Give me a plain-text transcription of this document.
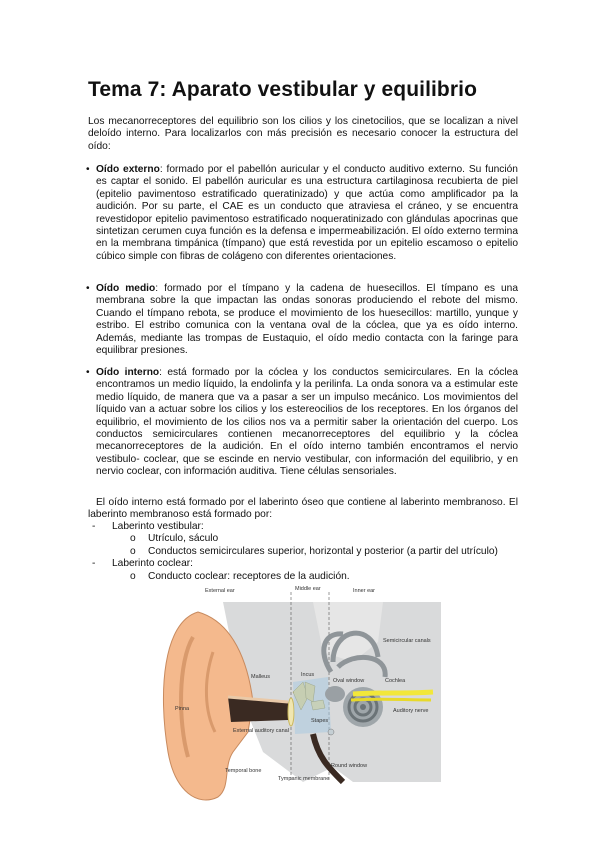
Tema 7: Aparato vestibular y equilibrio

Los mecanorreceptores del equilibrio son los cilios y los cinetocilios, que se localizan a nivel deloído interno. Para localizarlos con más precisión es necesario conocer la estructura del oído:

• Oído externo: formado por el pabellón auricular y el conducto auditivo externo. Su función es captar el sonido. El pabellón auricular es una estructura cartilaginosa recubierta de piel (epitelio pavimentoso estratificado queratinizado) y que actúa como amplificador pa la audición. Por su parte, el CAE es un conducto que atraviesa el cráneo, y se encuentra revestidopor epitelio pavimentoso estratificado noqueratinizado con glándulas apocrinas que sintetizan cerumen cuya función es la defensa e impermeabilización. El oído externo termina en la membrana timpánica (tímpano) que está revestida por un epitelio escamoso o epitelio cúbico simple con fibras de colágeno con diferentes orientaciones.
• Oído medio: formado por el tímpano y la cadena de huesecillos. El tímpano es una membrana sobre la que impactan las ondas sonoras produciendo el rebote del mismo. Cuando el tímpano rebota, se produce el movimiento de los huesecillos: martillo, yunque y estribo. El estribo comunica con la ventana oval de la cóclea, que ya es oído interno. Además, mediante las trompas de Eustaquio, el oído medio contacta con la faringe para equilibrar presiones.
• Oído interno: está formado por la cóclea y los conductos semicirculares. En la cóclea encontramos un medio líquido, la endolinfa y la perilinfa. La onda sonora va a estimular este medio líquido, de manera que va a pasar a ser un impulso mecánico. Los movimientos del líquido van a actuar sobre los cilios y los estereocilios de los receptores. En los órganos del equilibrio, el movimiento de los cilios nos va a permitir saber la orientación del cuerpo. Los conductos semicirculares contienen mecanorreceptores del equilibrio y la cóclea mecanorreceptores de la audición. En el oído interno también encontramos el nervio vestibulo- coclear, que se escinde en nervio vestibular, con información del equilibrio, y en nervio coclear, con información auditiva. Tiene células sensoriales.

El oído interno está formado por el laberinto óseo que contiene al laberinto membranoso. El laberinto membranoso está formado por:

- Laberinto vestibular:
o Utrículo, sáculo
o Conductos semicirculares superior, horizontal y posterior (a partir del utrículo)
- Laberinto coclear:
o Conducto coclear: receptores de la audición.
External ear	Middle ear	Inner ear
Semicircular canals
Malleus	Incus
Oval window	Cochlea
Auditory nerve
Pinna
External auditory canal
Stapes
Temporal bone
Tympanic membrane
Round window
